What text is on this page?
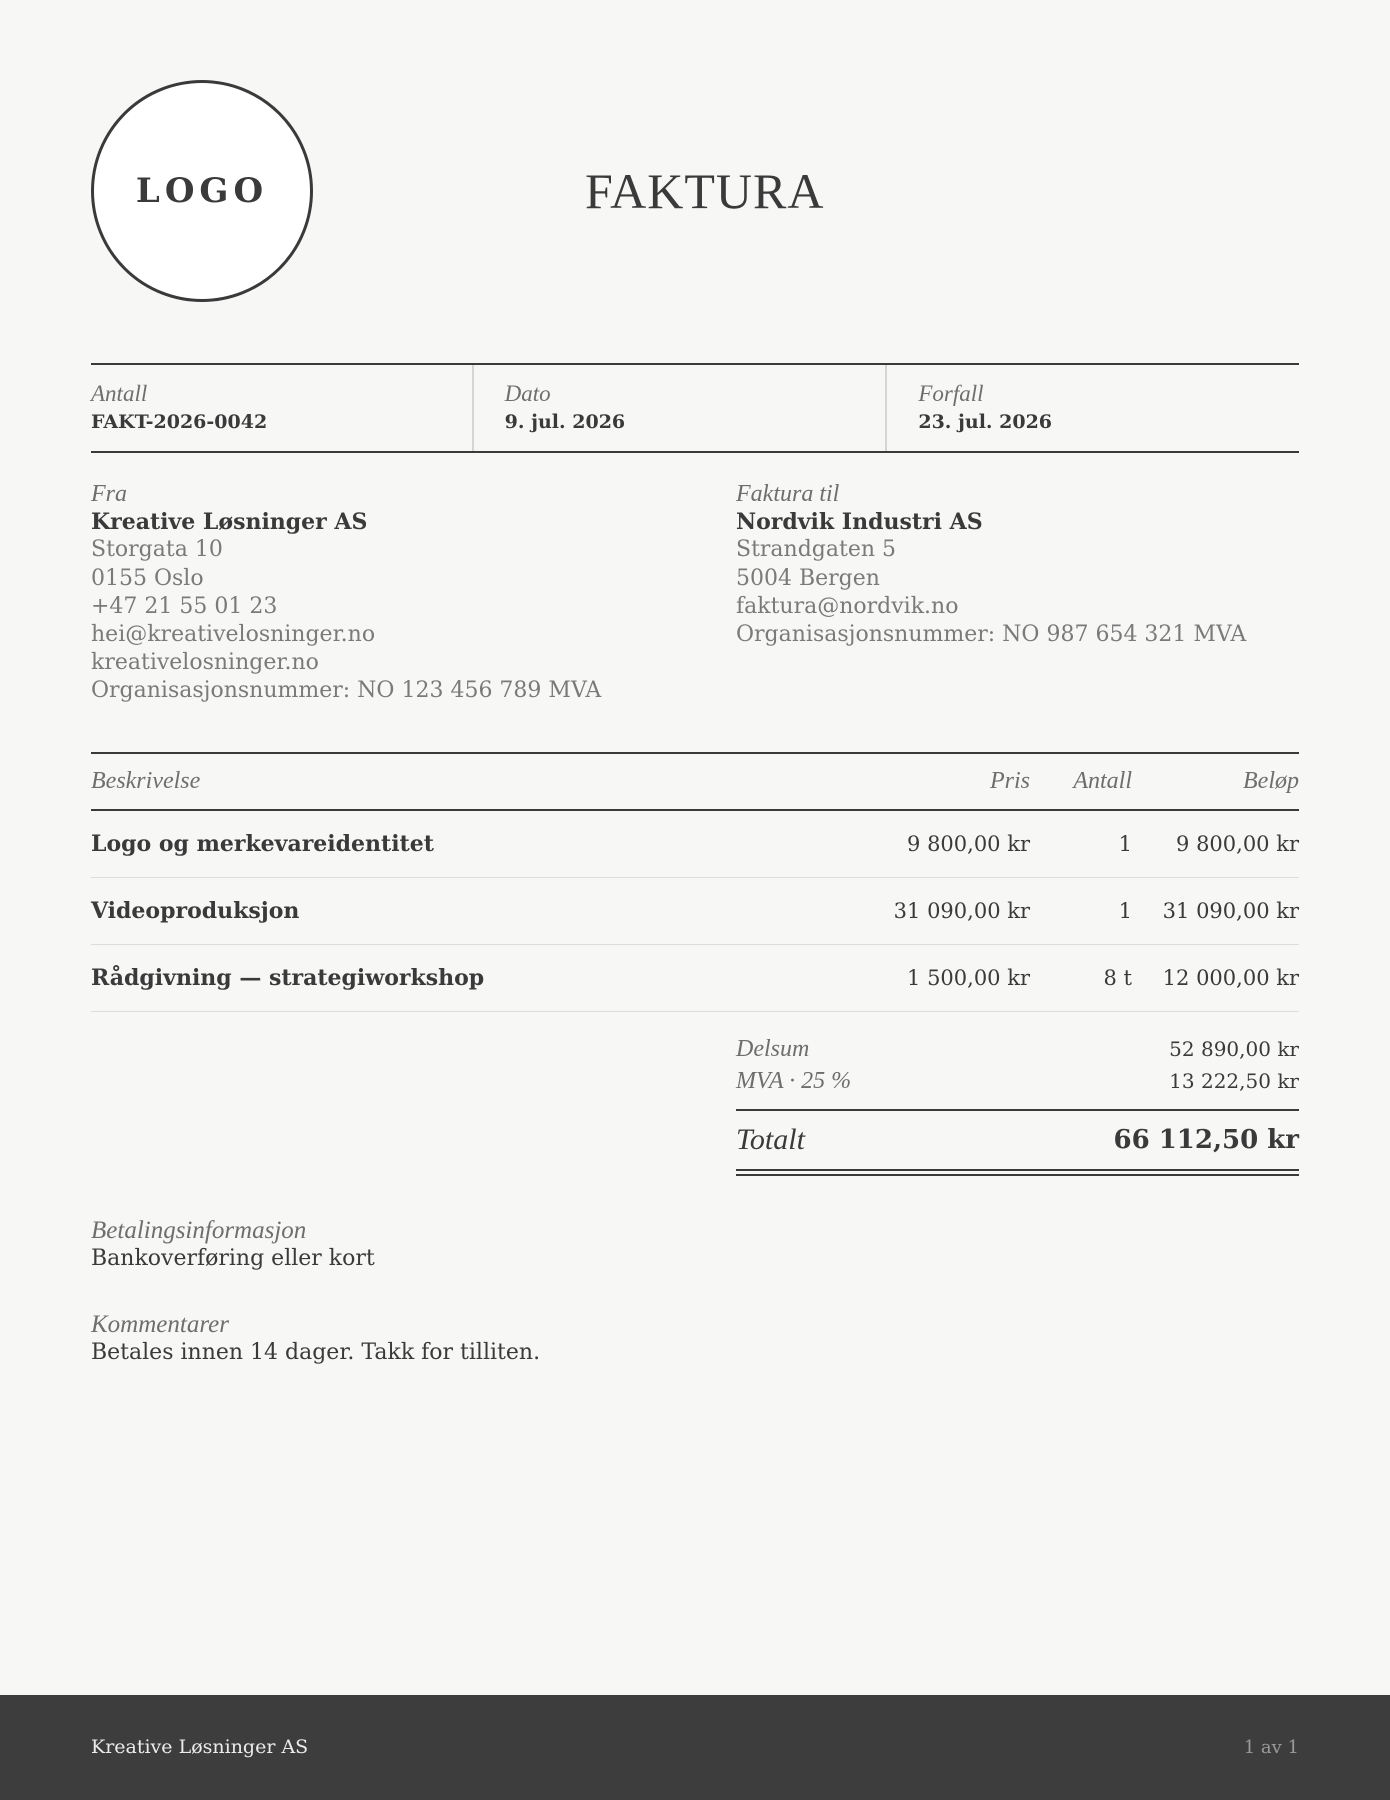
LOGO	FAKTURA
Antall
FAKT-2026-0042
Dato
9. jul. 2026
Forfall
23. jul. 2026
Fra
Kreative Løsninger AS
Storgata 10
0155 Oslo
+47 21 55 01 23
hei@kreativelosninger.no
kreativelosninger.no
Organisasjonsnummer: NO 123 456 789 MVA
Faktura til
Nordvik Industri AS
Strandgaten 5
5004 Bergen
faktura@nordvik.no
Organisasjonsnummer: NO 987 654 321 MVA
Beskrivelse	Pris	Antall	Beløp
Logo og merkevareidentitet	9 800,00 kr	1	9 800,00 kr
Videoproduksjon	31 090,00 kr	1	31 090,00 kr
Rådgivning — strategiworkshop	1 500,00 kr	8 t	12 000,00 kr
Delsum	52 890,00 kr
MVA · 25 %	13 222,50 kr
Totalt	66 112,50 kr
Betalingsinformasjon
Bankoverføring eller kort
Kommentarer
Betales innen 14 dager. Takk for tilliten.
Kreative Løsninger AS	1 av 1
